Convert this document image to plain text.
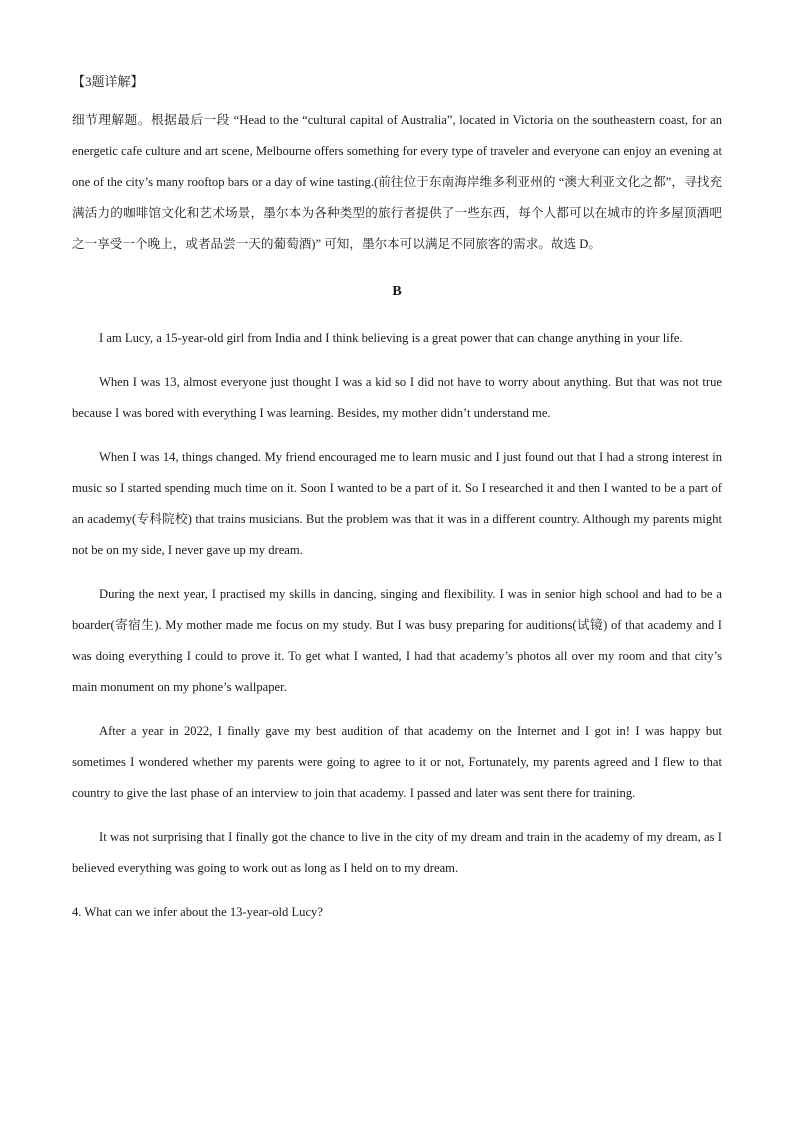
【3题详解】

细节理解题。根据最后一段 “Head to the “cultural capital of Australia”, located in Victoria on the southeastern coast, for an energetic cafe culture and art scene, Melbourne offers something for every type of traveler and everyone can enjoy an evening at one of the city’s many rooftop bars or a day of wine tasting.(前往位于东南海岸维多利亚州的 “澳大利亚文化之都”，寻找充满活力的咖啡馆文化和艺术场景，墨尔本为各种类型的旅行者提供了一些东西，每个人都可以在城市的许多屋顶酒吧之一享受一个晚上，或者品尝一天的葡萄酒)” 可知，墨尔本可以满足不同旅客的需求。故选 D。

B

I am Lucy, a 15-year-old girl from India and I think believing is a great power that can change anything in your life.

When I was 13, almost everyone just thought I was a kid so I did not have to worry about anything. But that was not true because I was bored with everything I was learning. Besides, my mother didn’t understand me.

When I was 14, things changed. My friend encouraged me to learn music and I just found out that I had a strong interest in music so I started spending much time on it. Soon I wanted to be a part of it. So I researched it and then I wanted to be a part of an academy(专科院校) that trains musicians. But the problem was that it was in a different country. Although my parents might not be on my side, I never gave up my dream.

During the next year, I practised my skills in dancing, singing and flexibility. I was in senior high school and had to be a boarder(寄宿生). My mother made me focus on my study. But I was busy preparing for auditions(试镜) of that academy and I was doing everything I could to prove it. To get what I wanted, I had that academy’s photos all over my room and that city’s main monument on my phone’s wallpaper.

After a year in 2022, I finally gave my best audition of that academy on the Internet and I got in! I was happy but sometimes I wondered whether my parents were going to agree to it or not, Fortunately, my parents agreed and I flew to that country to give the last phase of an interview to join that academy. I passed and later was sent there for training.

It was not surprising that I finally got the chance to live in the city of my dream and train in the academy of my dream, as I believed everything was going to work out as long as I held on to my dream.

4. What can we infer about the 13-year-old Lucy?
